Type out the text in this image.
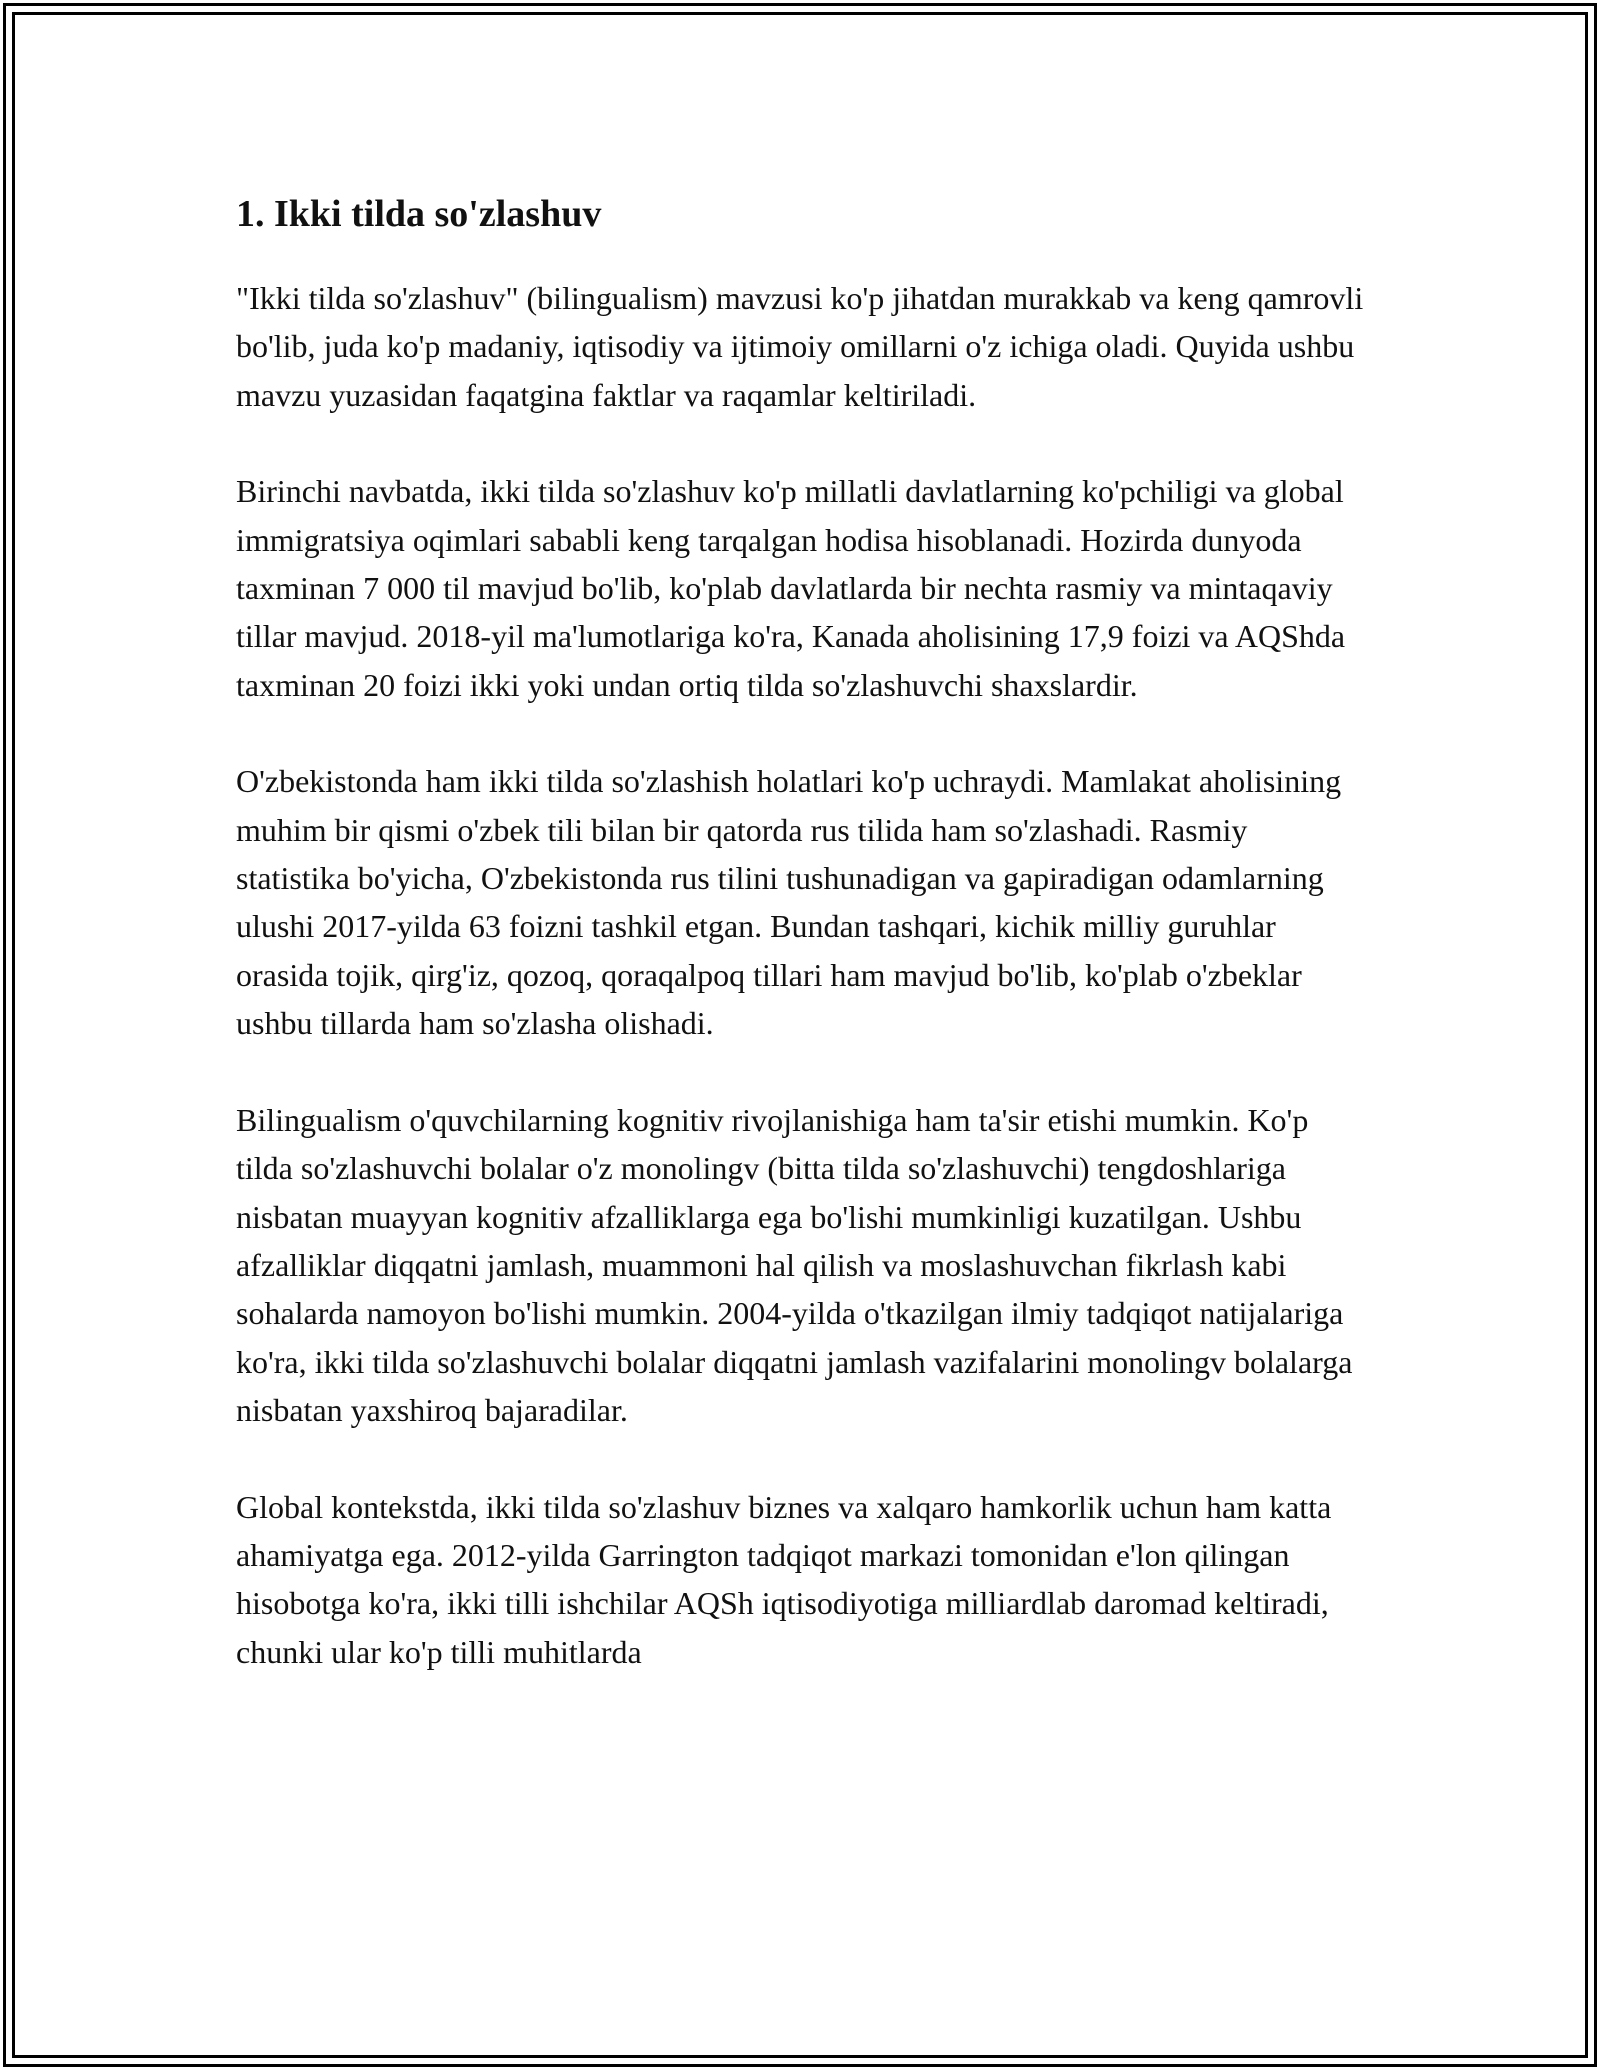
1. Ikki tilda so'zlashuv

"Ikki tilda so'zlashuv" (bilingualism) mavzusi ko'p jihatdan murakkab va keng qamrovli bo'lib, juda ko'p madaniy, iqtisodiy va ijtimoiy omillarni o'z ichiga oladi. Quyida ushbu mavzu yuzasidan faqatgina faktlar va raqamlar keltiriladi.

Birinchi navbatda, ikki tilda so'zlashuv ko'p millatli davlatlarning ko'pchiligi va global immigratsiya oqimlari sababli keng tarqalgan hodisa hisoblanadi. Hozirda dunyoda taxminan 7 000 til mavjud bo'lib, ko'plab davlatlarda bir nechta rasmiy va mintaqaviy tillar mavjud. 2018-yil ma'lumotlariga ko'ra, Kanada aholisining 17,9 foizi va AQShda taxminan 20 foizi ikki yoki undan ortiq tilda so'zlashuvchi shaxslardir.

O'zbekistonda ham ikki tilda so'zlashish holatlari ko'p uchraydi. Mamlakat aholisining muhim bir qismi o'zbek tili bilan bir qatorda rus tilida ham so'zlashadi. Rasmiy statistika bo'yicha, O'zbekistonda rus tilini tushunadigan va gapiradigan odamlarning ulushi 2017-yilda 63 foizni tashkil etgan. Bundan tashqari, kichik milliy guruhlar orasida tojik, qirg'iz, qozoq, qoraqalpoq tillari ham mavjud bo'lib, ko'plab o'zbeklar ushbu tillarda ham so'zlasha olishadi.

Bilingualism o'quvchilarning kognitiv rivojlanishiga ham ta'sir etishi mumkin. Ko'p tilda so'zlashuvchi bolalar o'z monolingv (bitta tilda so'zlashuvchi) tengdoshlariga nisbatan muayyan kognitiv afzalliklarga ega bo'lishi mumkinligi kuzatilgan. Ushbu afzalliklar diqqatni jamlash, muammoni hal qilish va moslashuvchan fikrlash kabi sohalarda namoyon bo'lishi mumkin. 2004-yilda o'tkazilgan ilmiy tadqiqot natijalariga ko'ra, ikki tilda so'zlashuvchi bolalar diqqatni jamlash vazifalarini monolingv bolalarga nisbatan yaxshiroq bajaradilar.

Global kontekstda, ikki tilda so'zlashuv biznes va xalqaro hamkorlik uchun ham katta ahamiyatga ega. 2012-yilda Garrington tadqiqot markazi tomonidan e'lon qilingan hisobotga ko'ra, ikki tilli ishchilar AQSh iqtisodiyotiga milliardlab daromad keltiradi, chunki ular ko'p tilli muhitlarda
